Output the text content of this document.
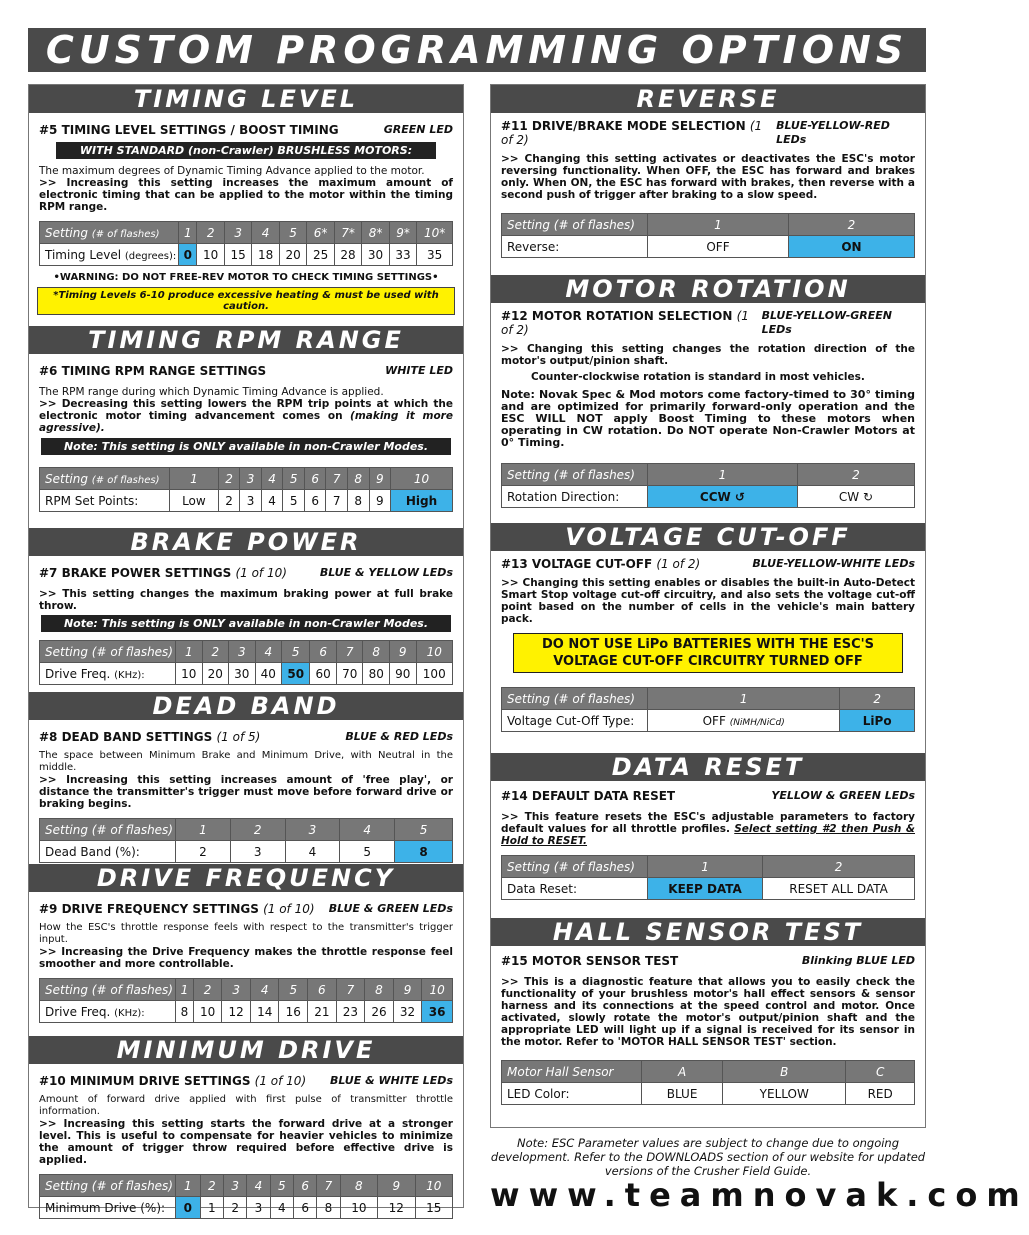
CUSTOM PROGRAMMING OPTIONS
TIMING LEVEL
#5 TIMING LEVEL SETTINGS / BOOST TIMING	GREEN LED
WITH STANDARD (non-Crawler) BRUSHLESS MOTORS:
The maximum degrees of Dynamic Timing Advance applied to the motor.
>> Increasing this setting increases the maximum amount of electronic timing that can be applied to the motor within the timing RPM range.
Setting (# of flashes)	1	2	3	4	5	6*	7*	8*	9*	10*
Timing Level (degrees):	0	10	15	18	20	25	28	30	33	35
•WARNING: DO NOT FREE-REV MOTOR TO CHECK TIMING SETTINGS•
*Timing Levels 6-10 produce excessive heating & must be used with caution.
TIMING RPM RANGE
#6 TIMING RPM RANGE SETTINGS	WHITE LED
The RPM range during which Dynamic Timing Advance is applied.
>> Decreasing this setting lowers the RPM trip points at which the electronic motor timing advancement comes on (making it more agressive).
Note: This setting is ONLY available in non-Crawler Modes.
Setting (# of flashes)	1	2	3	4	5	6	7	8	9	10
RPM Set Points:	Low	2	3	4	5	6	7	8	9	High
BRAKE POWER
#7 BRAKE POWER SETTINGS (1 of 10)	BLUE & YELLOW LEDs
>> This setting changes the maximum braking power at full brake throw.
Note: This setting is ONLY available in non-Crawler Modes.
Setting (# of flashes)	1	2	3	4	5	6	7	8	9	10
Drive Freq. (KHz):	10	20	30	40	50	60	70	80	90	100
DEAD BAND
#8 DEAD BAND SETTINGS (1 of 5)	BLUE & RED LEDs
The space between Minimum Brake and Minimum Drive, with Neutral in the middle.
>> Increasing this setting increases amount of 'free play', or distance the transmitter's trigger must move before forward drive or braking begins.
Setting (# of flashes)	1	2	3	4	5
Dead Band (%):	2	3	4	5	8
DRIVE FREQUENCY
#9 DRIVE FREQUENCY SETTINGS (1 of 10) BLUE & GREEN LEDs
How the ESC's throttle response feels with respect to the transmitter's trigger input.
>> Increasing the Drive Frequency makes the throttle response feel smoother and more controllable.
Setting (# of flashes)	1	2	3	4	5	6	7	8	9	10
Drive Freq. (KHz):	8	10	12	14	16	21	23	26	32	36
MINIMUM DRIVE
#10 MINIMUM DRIVE SETTINGS (1 of 10) BLUE & WHITE LEDs
Amount of forward drive applied with first pulse of transmitter throttle information.
>> Increasing this setting starts the forward drive at a stronger level. This is useful to compensate for heavier vehicles to minimize the amount of trigger throw required before effective drive is applied.
Setting (# of flashes)	1	2	3	4	5	6	7	8	9	10
Minimum Drive (%):	0	1	2	3	4	6	8	10	12	15
REVERSE
#11 DRIVE/BRAKE MODE SELECTION (1 of 2)
BLUE-YELLOW-RED LEDs
>> Changing this setting activates or deactivates the ESC's motor reversing functionality. When OFF, the ESC has forward and brakes only. When ON, the ESC has forward with brakes, then reverse with a second push of trigger after braking to a slow speed.
Setting (# of flashes)	1	2
Reverse:	OFF	ON
MOTOR ROTATION
#12 MOTOR ROTATION SELECTION (1 of 2)
BLUE-YELLOW-GREEN LEDs
>> Changing this setting changes the rotation direction of the motor's output/pinion shaft.
Counter-clockwise rotation is standard in most vehicles.
Note: Novak Spec & Mod motors come factory-timed to 30° timing and are optimized for primarily forward-only operation and the ESC WILL NOT apply Boost Timing to these motors when operating in CW rotation. Do NOT operate Non-Crawler Motors at 0° Timing.
Setting (# of flashes)	1	2
Rotation Direction:	CCW ↺	CW ↻
VOLTAGE CUT-OFF
#13 VOLTAGE CUT-OFF (1 of 2)	BLUE-YELLOW-WHITE LEDs
>> Changing this setting enables or disables the built-in Auto-Detect Smart Stop voltage cut-off circuitry, and also sets the voltage cut-off point based on the number of cells in the vehicle's main battery pack.
DO NOT USE LiPo BATTERIES WITH THE ESC'S
VOLTAGE CUT-OFF CIRCUITRY TURNED OFF
Setting (# of flashes)	1	2
Voltage Cut-Off Type:	OFF (NiMH/NiCd)	LiPo
DATA RESET
#14 DEFAULT DATA RESET	YELLOW & GREEN LEDs
>> This feature resets the ESC's adjustable parameters to factory default values for all throttle profiles. Select setting #2 then Push & Hold to RESET.
Setting (# of flashes)	1	2
Data Reset:	KEEP DATA	RESET ALL DATA
HALL SENSOR TEST
#15 MOTOR SENSOR TEST	Blinking BLUE LED
>> This is a diagnostic feature that allows you to easily check the functionality of your brushless motor's hall effect sensors & sensor harness and its connections at the speed control and motor. Once activated, slowly rotate the motor's output/pinion shaft and the appropriate LED will light up if a signal is received for its sensor in the motor. Refer to 'MOTOR HALL SENSOR TEST' section.
Motor Hall Sensor	A	B	C
LED Color:	BLUE	YELLOW	RED
Note: ESC Parameter values are subject to change due to ongoing development. Refer to the DOWNLOADS section of our website for updated versions of the Crusher Field Guide.
www.teamnovak.com
